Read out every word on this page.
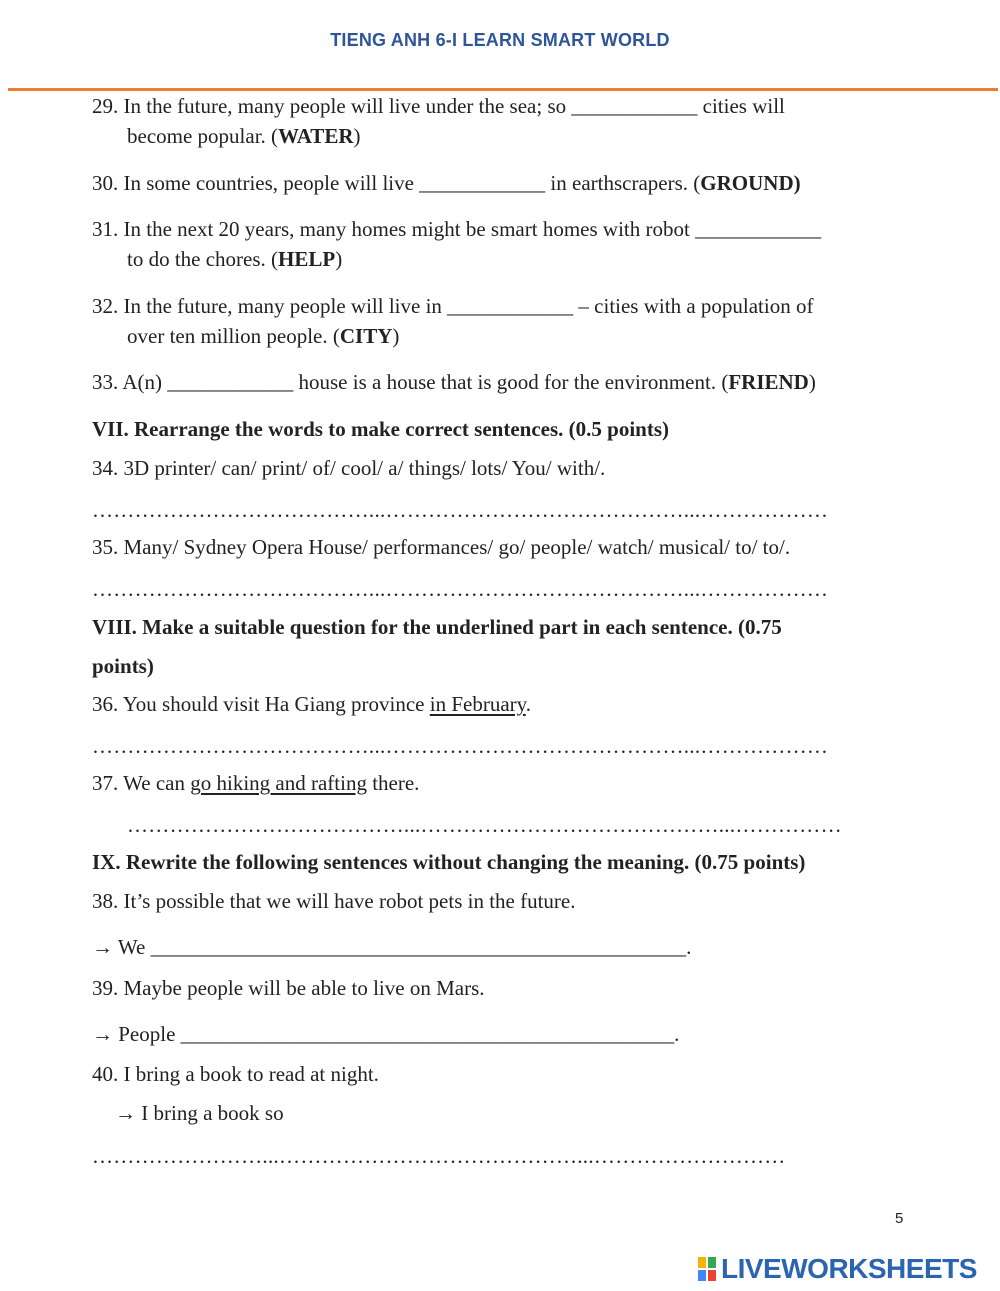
TIENG ANH 6-I LEARN SMART WORLD
29. In the future, many people will live under the sea; so ____________ cities will
become popular. (WATER)
30. In some countries, people will live ____________ in earthscrapers. (GROUND)
31. In the next 20 years, many homes might be smart homes with robot ____________
to do the chores. (HELP)
32. In the future, many people will live in ____________ – cities with a population of
over ten million people. (CITY)
33. A(n) ____________ house is a house that is good for the environment. (FRIEND)
VII. Rearrange the words to make correct sentences. (0.5 points)
34. 3D printer/ can/ print/ of/ cool/ a/ things/ lots/ You/ with/.
…………………………………...……………………………………...………………
35. Many/ Sydney Opera House/ performances/ go/ people/ watch/ musical/ to/ to/.
…………………………………...……………………………………...………………
VIII. Make a suitable question for the underlined part in each sentence. (0.75
points)
36. You should visit Ha Giang province in February.
…………………………………...……………………………………...………………
37. We can go hiking and rafting there.
…………………………………...……………………………………...……………
IX. Rewrite the following sentences without changing the meaning. (0.75 points)
38. It’s possible that we will have robot pets in the future.
→ We ___________________________________________________.
39. Maybe people will be able to live on Mars.
→ People _______________________________________________.
40. I bring a book to read at night.
→ I bring a book so
……………………...……………………………………...………………………
5
LIVEWORKSHEETS
